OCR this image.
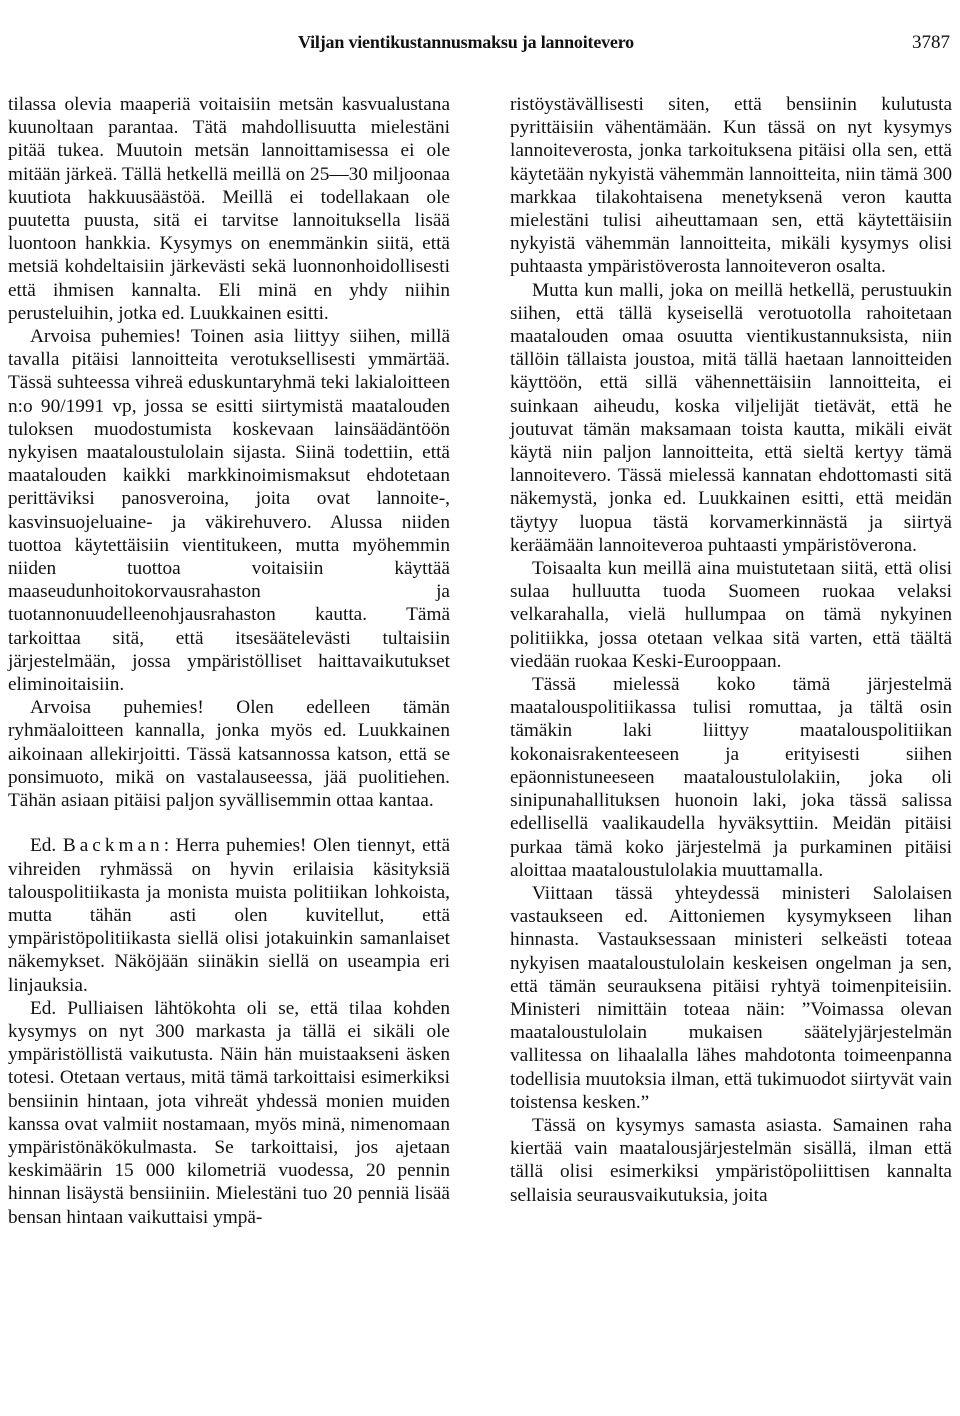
Viljan vientikustannusmaksu ja lannoitevero	3787

tilassa olevia maaperiä voitaisiin metsän kasvualustana kuunoltaan parantaa. Tätä mahdollisuutta mielestäni pitää tukea. Muutoin metsän lannoittamisessa ei ole mitään järkeä. Tällä hetkellä meillä on 25—30 miljoonaa kuutiota hakkuusäästöä. Meillä ei todellakaan ole puutetta puusta, sitä ei tarvitse lannoituksella lisää luontoon hankkia. Kysymys on enemmänkin siitä, että metsiä kohdeltaisiin järkevästi sekä luonnonhoidollisesti että ihmisen kannalta. Eli minä en yhdy niihin perusteluihin, jotka ed. Luukkainen esitti.

Arvoisa puhemies! Toinen asia liittyy siihen, millä tavalla pitäisi lannoitteita verotuksellisesti ymmärtää. Tässä suhteessa vihreä eduskuntaryhmä teki lakialoitteen n:o 90/1991 vp, jossa se esitti siirtymistä maatalouden tuloksen muodostumista koskevaan lainsäädäntöön nykyisen maataloustulolain sijasta. Siinä todettiin, että maatalouden kaikki markkinoimismaksut ehdotetaan perittäviksi panosveroina, joita ovat lannoite-, kasvinsuojeluaine- ja väkirehuvero. Alussa niiden tuottoa käytettäisiin vientitukeen, mutta myöhemmin niiden tuottoa voitaisiin käyttää maaseudunhoitokorvausrahaston ja tuotannonuudelleenohjausrahaston kautta. Tämä tarkoittaa sitä, että itsesäätelevästi tultaisiin järjestelmään, jossa ympäristölliset haittavaikutukset eliminoitaisiin.

Arvoisa puhemies! Olen edelleen tämän ryhmäaloitteen kannalla, jonka myös ed. Luukkainen aikoinaan allekirjoitti. Tässä katsannossa katson, että se ponsimuoto, mikä on vastalauseessa, jää puolitiehen. Tähän asiaan pitäisi paljon syvällisemmin ottaa kantaa.

Ed. Backman: Herra puhemies! Olen tiennyt, että vihreiden ryhmässä on hyvin erilaisia käsityksiä talouspolitiikasta ja monista muista politiikan lohkoista, mutta tähän asti olen kuvitellut, että ympäristöpolitiikasta siellä olisi jotakuinkin samanlaiset näkemykset. Näköjään siinäkin siellä on useampia eri linjauksia.

Ed. Pulliaisen lähtökohta oli se, että tilaa kohden kysymys on nyt 300 markasta ja tällä ei sikäli ole ympäristöllistä vaikutusta. Näin hän muistaakseni äsken totesi. Otetaan vertaus, mitä tämä tarkoittaisi esimerkiksi bensiinin hintaan, jota vihreät yhdessä monien muiden kanssa ovat valmiit nostamaan, myös minä, nimenomaan ympäristönäkökulmasta. Se tarkoittaisi, jos ajetaan keskimäärin 15 000 kilometriä vuodessa, 20 pennin hinnan lisäystä bensiiniin. Mielestäni tuo 20 penniä lisää bensan hintaan vaikuttaisi ympä-

ristöystävällisesti siten, että bensiinin kulutusta pyrittäisiin vähentämään. Kun tässä on nyt kysymys lannoiteverosta, jonka tarkoituksena pitäisi olla sen, että käytetään nykyistä vähemmän lannoitteita, niin tämä 300 markkaa tilakohtaisena menetyksenä veron kautta mielestäni tulisi aiheuttamaan sen, että käytettäisiin nykyistä vähemmän lannoitteita, mikäli kysymys olisi puhtaasta ympäristöverosta lannoiteveron osalta.

Mutta kun malli, joka on meillä hetkellä, perustuukin siihen, että tällä kyseisellä verotuotolla rahoitetaan maatalouden omaa osuutta vientikustannuksista, niin tällöin tällaista joustoa, mitä tällä haetaan lannoitteiden käyttöön, että sillä vähennettäisiin lannoitteita, ei suinkaan aiheudu, koska viljelijät tietävät, että he joutuvat tämän maksamaan toista kautta, mikäli eivät käytä niin paljon lannoitteita, että sieltä kertyy tämä lannoitevero. Tässä mielessä kannatan ehdottomasti sitä näkemystä, jonka ed. Luukkainen esitti, että meidän täytyy luopua tästä korvamerkinnästä ja siirtyä keräämään lannoiteveroa puhtaasti ympäristöverona.

Toisaalta kun meillä aina muistutetaan siitä, että olisi sulaa hulluutta tuoda Suomeen ruokaa velaksi velkarahalla, vielä hullumpaa on tämä nykyinen politiikka, jossa otetaan velkaa sitä varten, että täältä viedään ruokaa Keski-Eurooppaan.

Tässä mielessä koko tämä järjestelmä maatalouspolitiikassa tulisi romuttaa, ja tältä osin tämäkin laki liittyy maatalouspolitiikan kokonaisrakenteeseen ja erityisesti siihen epäonnistuneeseen maataloustulolakiin, joka oli sinipunahallituksen huonoin laki, joka tässä salissa edellisellä vaalikaudella hyväksyttiin. Meidän pitäisi purkaa tämä koko järjestelmä ja purkaminen pitäisi aloittaa maataloustulolakia muuttamalla.

Viittaan tässä yhteydessä ministeri Salolaisen vastaukseen ed. Aittoniemen kysymykseen lihan hinnasta. Vastauksessaan ministeri selkeästi toteaa nykyisen maataloustulolain keskeisen ongelman ja sen, että tämän seurauksena pitäisi ryhtyä toimenpiteisiin. Ministeri nimittäin toteaa näin: ”Voimassa olevan maataloustulolain mukaisen säätelyjärjestelmän vallitessa on lihaalalla lähes mahdotonta toimeenpanna todellisia muutoksia ilman, että tukimuodot siirtyvät vain toistensa kesken.”

Tässä on kysymys samasta asiasta. Samainen raha kiertää vain maatalousjärjestelmän sisällä, ilman että tällä olisi esimerkiksi ympäristöpoliittisen kannalta sellaisia seurausvaikutuksia, joita
